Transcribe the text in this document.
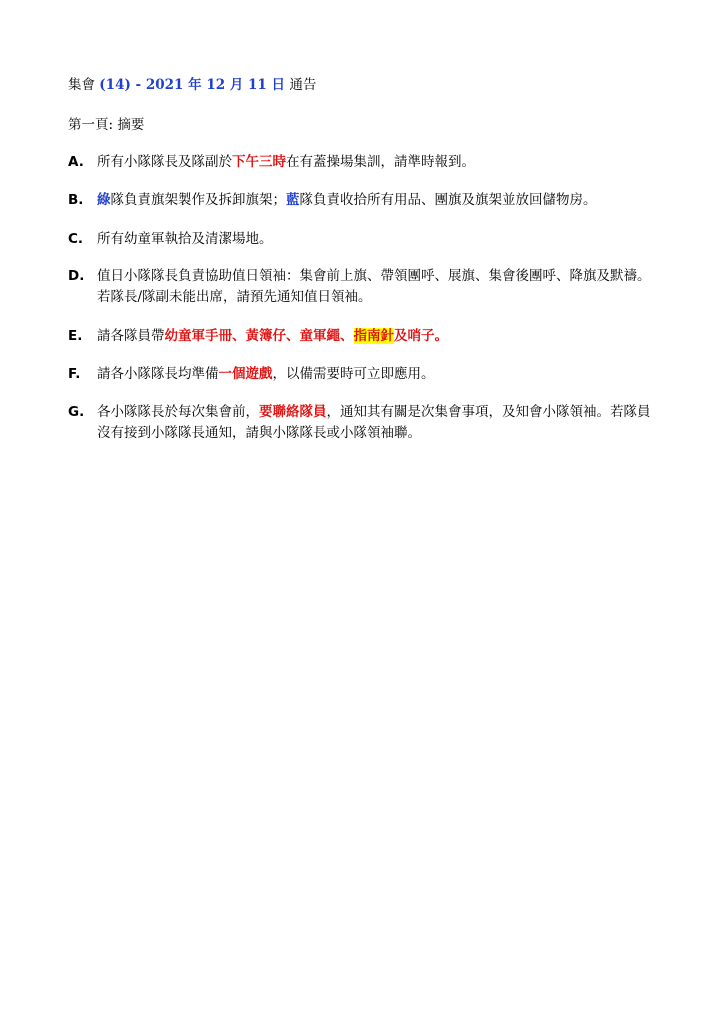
集會 (14) - 2021 年 12 月 11 日 通告
第一頁: 摘要
A. 所有小隊隊長及隊副於下午三時在有蓋操場集訓，請準時報到。
B.	綠隊負責旗架製作及拆卸旗架；藍隊負責收拾所有用品、團旗及旗架並放回儲物房。
C.	所有幼童軍執拾及清潔場地。
D. 值日小隊隊長負責協助值日領袖：集會前上旗、帶領團呼、展旗、集會後團呼、降旗及默禱。若隊長/隊副未能出席，請預先通知值日領袖。
E.	請各隊員帶幼童軍手冊、黃簿仔、童軍繩、指南針及哨子。
F.	請各小隊隊長均準備一個遊戲，以備需要時可立即應用。
G. 各小隊隊長於每次集會前，要聯絡隊員，通知其有關是次集會事項，及知會小隊領袖。若隊員沒有接到小隊隊長通知，請與小隊隊長或小隊領袖聯。
